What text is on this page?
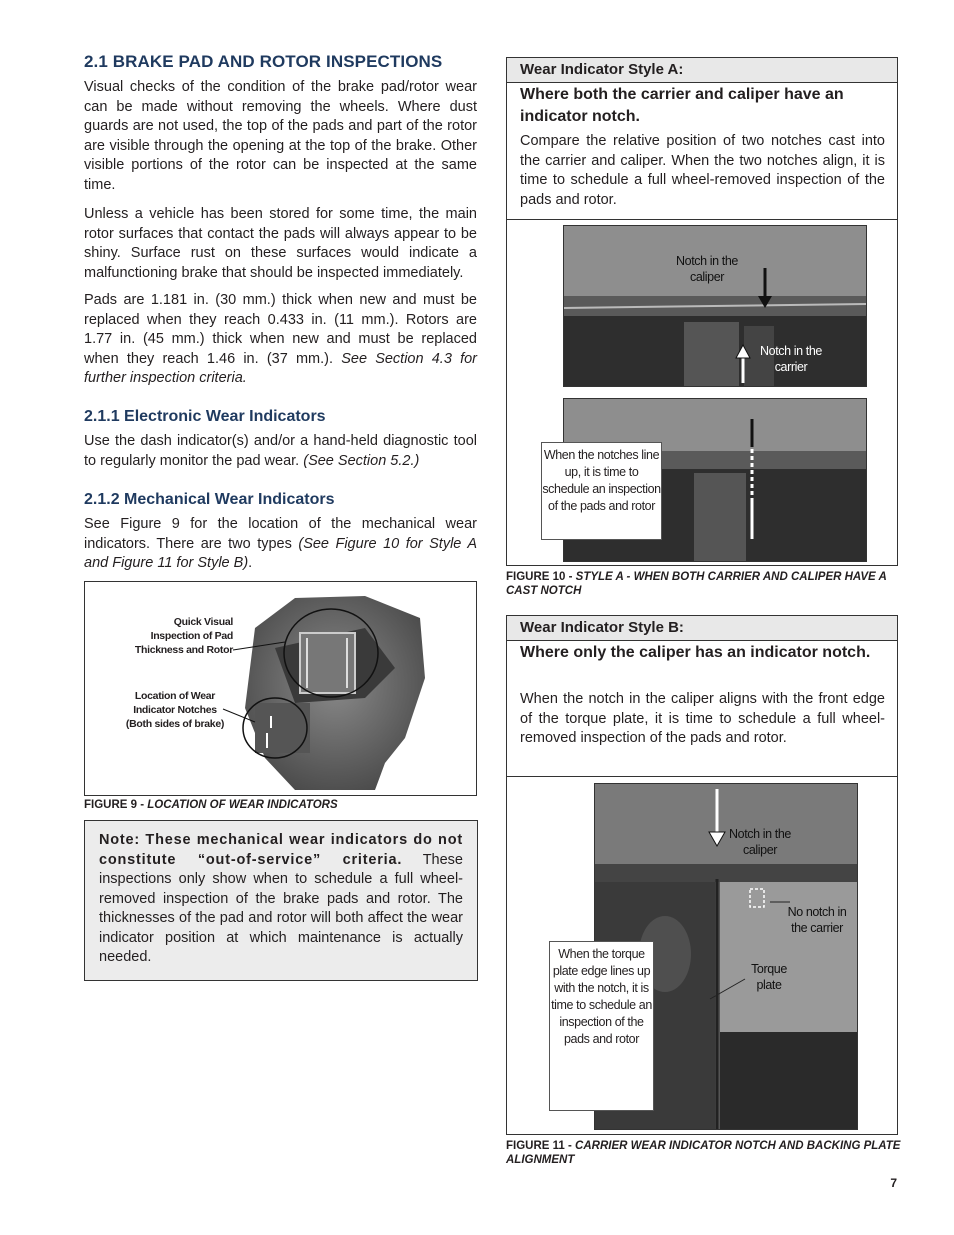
2.1 BRAKE PAD AND ROTOR INSPECTIONS

Visual checks of the condition of the brake pad/rotor wear can be made without removing the wheels. Where dust guards are not used, the top of the pads and part of the rotor are visible through the opening at the top of the brake. Other visible portions of the rotor can be inspected at the same time.

Unless a vehicle has been stored for some time, the main rotor surfaces that contact the pads will always appear to be shiny. Surface rust on these surfaces would indicate a malfunctioning brake that should be inspected immediately.

Pads are 1.181 in. (30 mm.) thick when new and must be replaced when they reach 0.433 in. (11 mm.). Rotors are 1.77 in. (45 mm.) thick when new and must be replaced when they reach 1.46 in. (37 mm.). See Section 4.3 for further inspection criteria.

2.1.1 Electronic Wear Indicators

Use the dash indicator(s) and/or a hand-held diagnostic tool to regularly monitor the pad wear. (See Section 5.2.)

2.1.2 Mechanical Wear Indicators

See Figure 9 for the location of the mechanical wear indicators. There are two types (See Figure 10 for Style A and Figure 11 for Style B).

Quick Visual Inspection of Pad Thickness and Rotor
Location of Wear Indicator Notches (Both sides of brake)
FIGURE 9 - LOCATION OF WEAR INDICATORS
Note: These mechanical wear indicators do not constitute “out-of-service” criteria. These inspections only show when to schedule a full wheel-removed inspection of the brake pads and rotor. The thicknesses of the pad and rotor will both affect the wear indicator position at which maintenance is actually needed.
Wear Indicator Style A:
Where both the carrier and caliper have an indicator notch.
Compare the relative position of two notches cast into the carrier and caliper. When the two notches align, it is time to schedule a full wheel-removed inspection of the pads and rotor.
Notch in the caliper
Notch in the carrier
When the notches line up, it is time to schedule an inspection of the pads and rotor
FIGURE 10 - STYLE A - WHEN BOTH CARRIER AND CALIPER HAVE A CAST NOTCH
Wear Indicator Style B:
Where only the caliper has an indicator notch.
When the notch in the caliper aligns with the front edge of the torque plate, it is time to schedule a full wheel-removed inspection of the pads and rotor.
Notch in the caliper
No notch in the carrier
Torque plate
When the torque plate edge lines up with the notch, it is time to schedule an inspection of the pads and rotor
FIGURE 11 - CARRIER WEAR INDICATOR NOTCH AND BACKING PLATE ALIGNMENT
7
